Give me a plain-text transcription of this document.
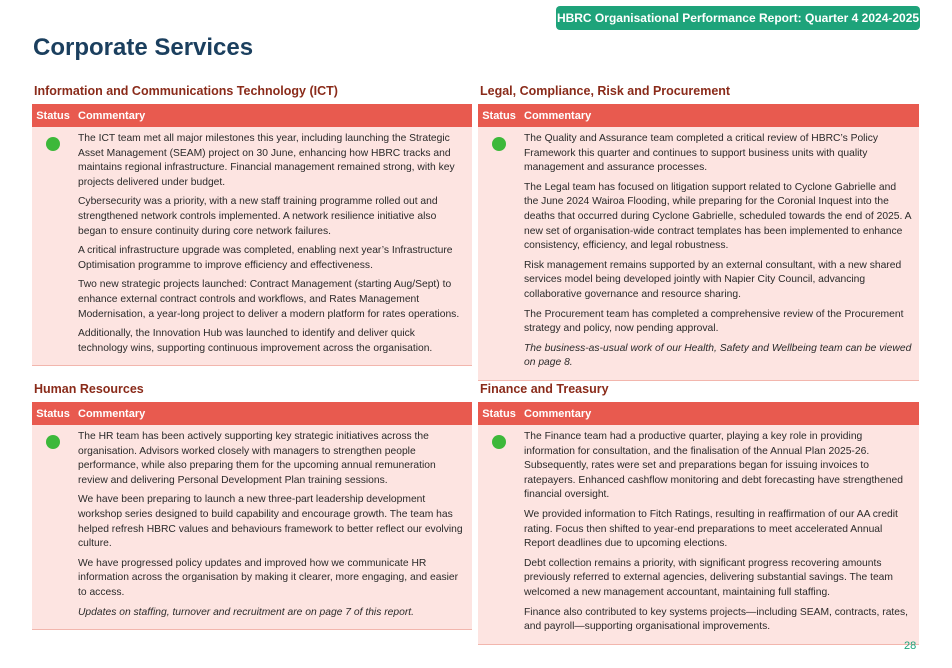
HBRC Organisational Performance Report: Quarter 4 2024-2025
Corporate Services
Information and Communications Technology (ICT)
Status Commentary

The ICT team met all major milestones this year, including launching the Strategic Asset Management (SEAM) project on 30 June, enhancing how HBRC tracks and maintains regional infrastructure. Financial management remained strong, with key projects delivered under budget.

Cybersecurity was a priority, with a new staff training programme rolled out and strengthened network controls implemented. A network resilience initiative also began to ensure continuity during core network failures.

A critical infrastructure upgrade was completed, enabling next year’s Infrastructure Optimisation programme to improve efficiency and effectiveness.

Two new strategic projects launched: Contract Management (starting Aug/Sept) to enhance external contract controls and workflows, and Rates Management Modernisation, a year-long project to deliver a modern platform for rates operations.

Additionally, the Innovation Hub was launched to identify and deliver quick technology wins, supporting continuous improvement across the organisation.

Legal, Compliance, Risk and Procurement
Status Commentary

The Quality and Assurance team completed a critical review of HBRC’s Policy Framework this quarter and continues to support business units with quality management and assurance processes.

The Legal team has focused on litigation support related to Cyclone Gabrielle and the June 2024 Wairoa Flooding, while preparing for the Coronial Inquest into the deaths that occurred during Cyclone Gabrielle, scheduled towards the end of 2025. A new set of organisation-wide contract templates has been implemented to enhance consistency, efficiency, and legal robustness.

Risk management remains supported by an external consultant, with a new shared services model being developed jointly with Napier City Council, advancing collaborative governance and resource sharing.

The Procurement team has completed a comprehensive review of the Procurement strategy and policy, now pending approval.

The business-as-usual work of our Health, Safety and Wellbeing team can be viewed on page 8.

Human Resources
Status Commentary

The HR team has been actively supporting key strategic initiatives across the organisation. Advisors worked closely with managers to strengthen people performance, while also preparing them for the upcoming annual remuneration review and delivering Personal Development Plan training sessions.

We have been preparing to launch a new three-part leadership development workshop series designed to build capability and encourage growth. The team has helped refresh HBRC values and behaviours framework to better reflect our evolving culture.

We have progressed policy updates and improved how we communicate HR information across the organisation by making it clearer, more engaging, and easier to access.

Updates on staffing, turnover and recruitment are on page 7 of this report.

Finance and Treasury
Status Commentary

The Finance team had a productive quarter, playing a key role in providing information for consultation, and the finalisation of the Annual Plan 2025-26. Subsequently, rates were set and preparations began for issuing invoices to ratepayers. Enhanced cashflow monitoring and debt forecasting have strengthened financial oversight.

We provided information to Fitch Ratings, resulting in reaffirmation of our AA credit rating. Focus then shifted to year-end preparations to meet accelerated Annual Report deadlines due to upcoming elections.

Debt collection remains a priority, with significant progress recovering amounts previously referred to external agencies, delivering substantial savings. The team welcomed a new management accountant, maintaining full staffing.

Finance also contributed to key systems projects—including SEAM, contracts, rates, and payroll—supporting organisational improvements.

28
